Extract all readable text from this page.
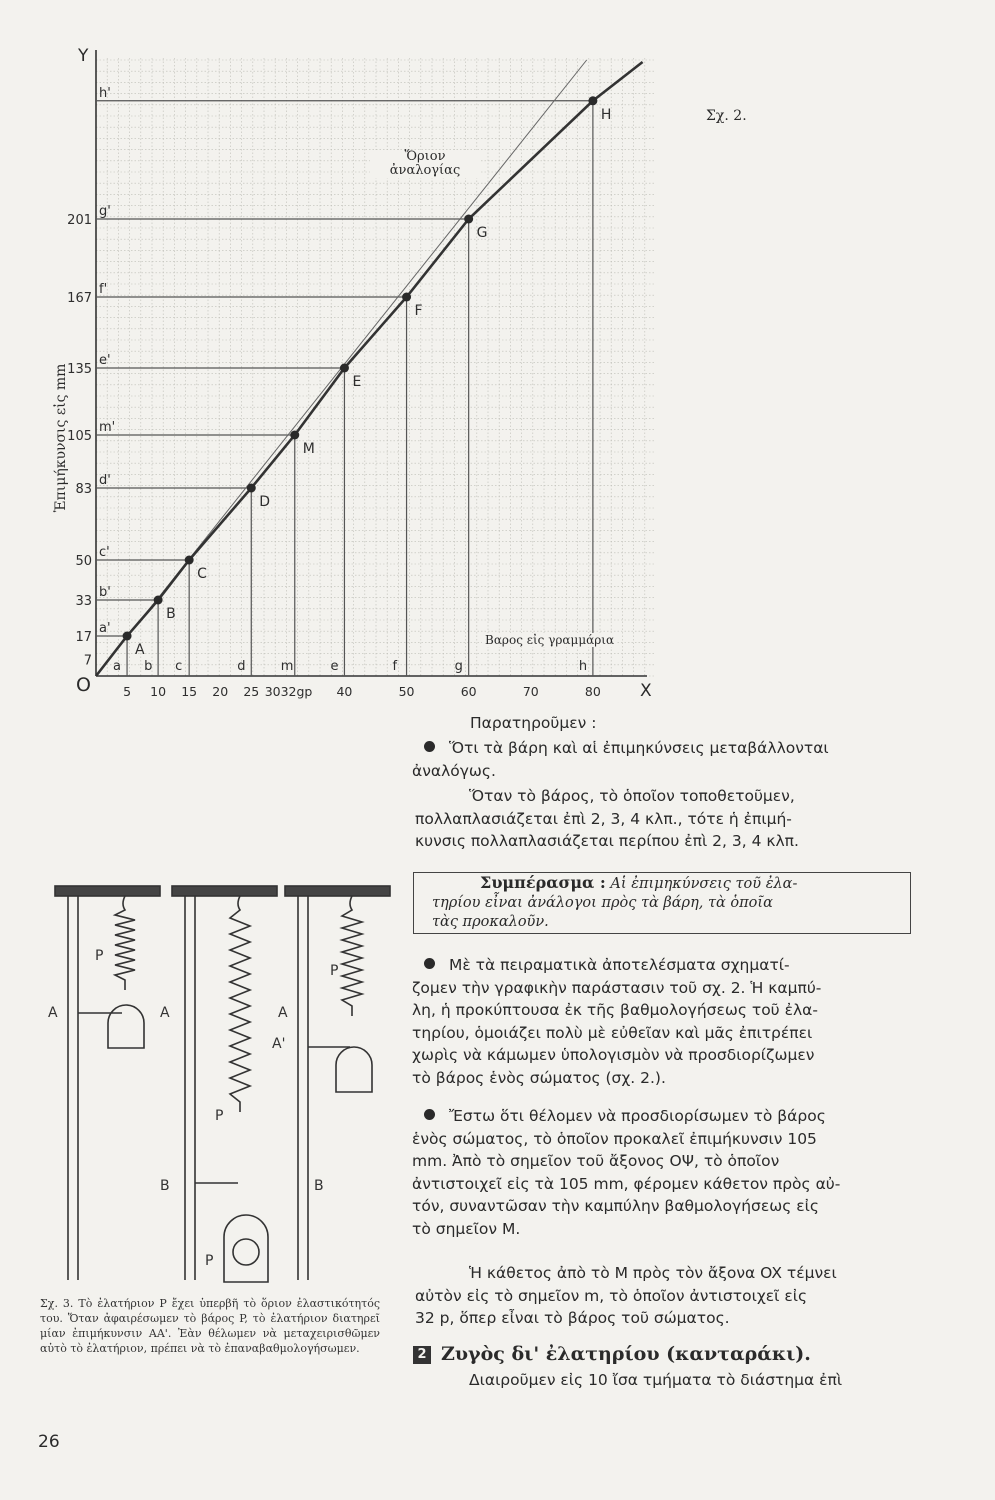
7
17
33
50
83
105
135
167
201
5 10 15 20 25 3032gp 40	50	60	70	80
A
B
C
D
M
E
F
G
H
a b c	d	m	e	f	g	h
a'
b'
c'
d'
m'
e'
f'
g'
h'
Y
X
O
Σχ. 2.
Ἐπιμήκυνσις εἰς mm
Βαρος εἰς γραμμάρια
Ὅριον
ἀναλογίας
Παρατηροῦμεν :
Ὅτι τὰ βάρη καὶ αἱ ἐπιμηκύνσεις μεταβάλλονται
ἀναλόγως.
Ὅταν τὸ βάρος, τὸ ὁποῖον τοποθετοῦμεν,
πολλαπλασιάζεται ἐπὶ 2, 3, 4 κλπ., τότε ἡ ἐπιμή-
κυνσις πολλαπλασιάζεται περίπου ἐπὶ 2, 3, 4 κλπ.
Συμπέρασμα : Αἱ ἐπιμηκύνσεις τοῦ ἐλα-
τηρίου εἶναι ἀνάλογοι πρὸς τὰ βάρη, τὰ ὁποῖα
τὰς προκαλοῦν.
Μὲ τὰ πειραματικὰ ἀποτελέσματα σχηματί-
ζομεν τὴν γραφικὴν παράστασιν τοῦ σχ. 2. Ἡ καμπύ-
λη, ἡ προκύπτουσα ἐκ τῆς βαθμολογήσεως τοῦ ἐλα-
τηρίου, ὁμοιάζει πολὺ μὲ εὐθεῖαν καὶ μᾶς ἐπιτρέπει
χωρὶς νὰ κάμωμεν ὑπολογισμὸν νὰ προσδιορίζωμεν
τὸ βάρος ἑνὸς σώματος (σχ. 2.).
Ἔστω ὅτι θέλομεν νὰ προσδιορίσωμεν τὸ βάρος
ἑνὸς σώματος, τὸ ὁποῖον προκαλεῖ ἐπιμήκυνσιν 105
mm. Ἀπὸ τὸ σημεῖον τοῦ ἄξονος ΟΨ, τὸ ὁποῖον
ἀντιστοιχεῖ εἰς τὰ 105 mm, φέρομεν κάθετον πρὸς αὐ-
τόν, συναντῶσαν τὴν καμπύλην βαθμολογήσεως εἰς
τὸ σημεῖον M.
Ἡ κάθετος ἀπὸ τὸ M πρὸς τὸν ἄξονα OX τέμνει
αὐτὸν εἰς τὸ σημεῖον m, τὸ ὁποῖον ἀντιστοιχεῖ εἰς
32 p, ὅπερ εἶναι τὸ βάρος τοῦ σώματος.
2 Ζυγὸς δι' ἐλατηρίου (κανταράκι).
Διαιροῦμεν εἰς 10 ἴσα τμήματα τὸ διάστημα ἐπὶ
P
A	A
P
B
P
P
A
A'
B
Σχ. 3. Τὸ ἐλατήριον P ἔχει ὑπερβῆ τὸ ὅριον ἐλαστικότητός του. Ὅταν ἀφαιρέσωμεν τὸ βάρος P, τὸ ἐλατήριον διατηρεῖ μίαν ἐπιμήκυνσιν AA'. Ἐὰν θέλωμεν νὰ μεταχειρισθῶμεν αὐτὸ τὸ ἐλατήριον, πρέπει νὰ τὸ ἐπαναβαθμολογήσωμεν.
26
